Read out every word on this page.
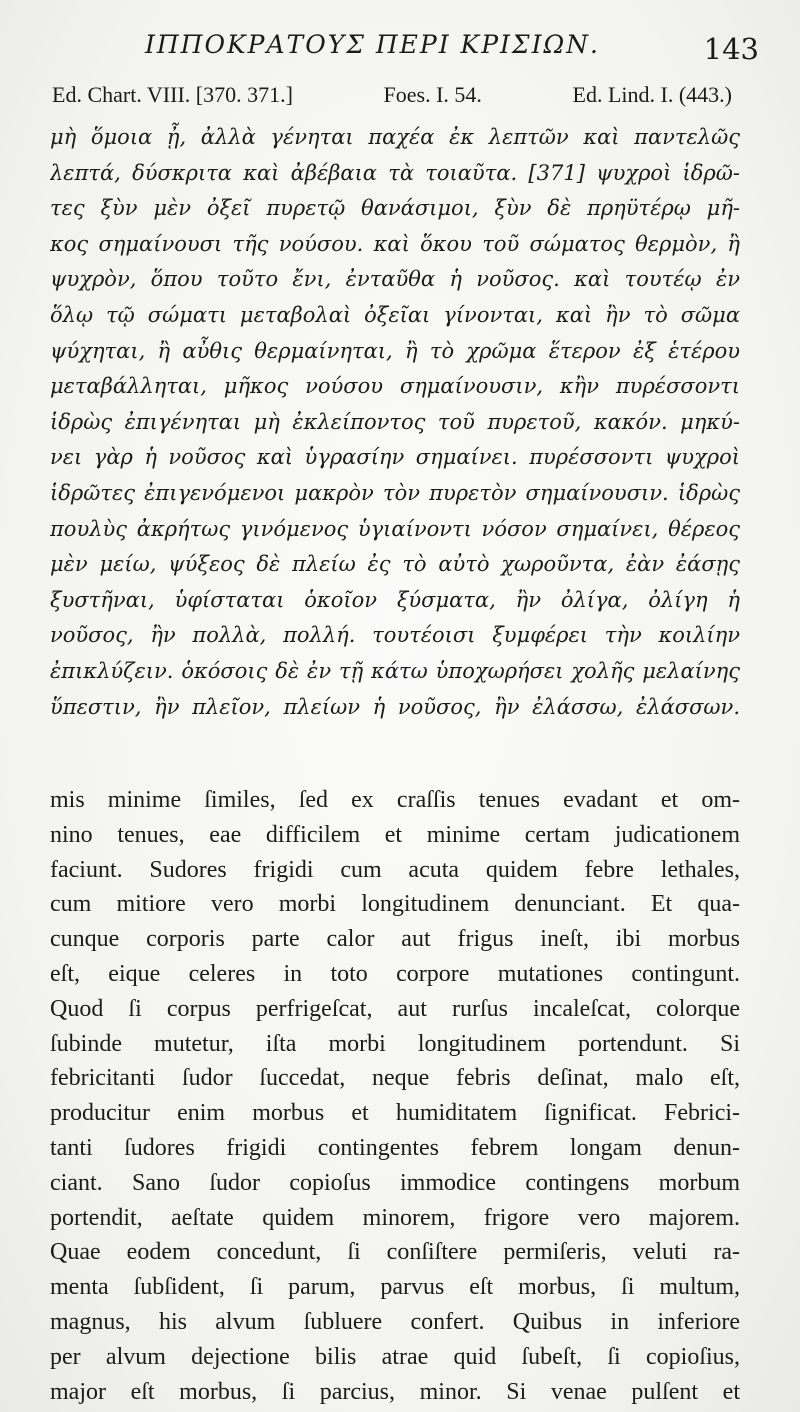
ΙΠΠΟΚΡΑΤΟΥΣ ΠΕΡΙ ΚΡΙΣΙΩΝ.	143
Ed. Chart. VIII. [370. 371.]	Foes. I. 54.	Ed. Lind. I. (443.)
μὴ ὅμοια ᾖ, ἀλλὰ γένηται παχέα ἐκ λεπτῶν καὶ παντελῶς
λεπτά, δύσκριτα καὶ ἀβέβαια τὰ τοιαῦτα. [371] ψυχροὶ ἱδρῶ-
τες ξὺν μὲν ὀξεῖ πυρετῷ θανάσιμοι, ξὺν δὲ πρηϋτέρῳ μῆ-
κος σημαίνουσι τῆς νούσου. καὶ ὅκου τοῦ σώματος θερμὸν, ἢ
ψυχρὸν, ὅπου τοῦτο ἔνι, ἐνταῦθα ἡ νοῦσος. καὶ τουτέῳ ἐν
ὅλῳ τῷ σώματι μεταβολαὶ ὀξεῖαι γίνονται, καὶ ἢν τὸ σῶμα
ψύχηται, ἢ αὖθις θερμαίνηται, ἢ τὸ χρῶμα ἕτερον ἐξ ἑτέρου
μεταβάλληται, μῆκος νούσου σημαίνουσιν, κἢν πυρέσσοντι
ἱδρὼς ἐπιγένηται μὴ ἐκλείποντος τοῦ πυρετοῦ, κακόν. μηκύ-
νει γὰρ ἡ νοῦσος καὶ ὑγρασίην σημαίνει. πυρέσσοντι ψυχροὶ
ἱδρῶτες ἐπιγενόμενοι μακρὸν τὸν πυρετὸν σημαίνουσιν. ἱδρὼς
πουλὺς ἀκρήτως γινόμενος ὑγιαίνοντι νόσον σημαίνει, θέρεος
μὲν μείω, ψύξεος δὲ πλείω ἐς τὸ αὐτὸ χωροῦντα, ἐὰν ἐάσῃς
ξυστῆναι, ὑφίσταται ὁκοῖον ξύσματα, ἢν ὀλίγα, ὀλίγη ἡ
νοῦσος, ἢν πολλὰ, πολλή. τουτέοισι ξυμφέρει τὴν κοιλίην
ἐπικλύζειν. ὁκόσοις δὲ ἐν τῇ κάτω ὑποχωρήσει χολῆς μελαίνης
ὕπεστιν, ἢν πλεῖον, πλείων ἡ νοῦσος, ἢν ἐλάσσω, ἐλάσσων.
mis minime ſimiles, ſed ex craſſis tenues evadant et om-
nino tenues, eae difficilem et minime certam judicationem
faciunt. Sudores frigidi cum acuta quidem febre lethales,
cum mitiore vero morbi longitudinem denunciant. Et qua-
cunque corporis parte calor aut frigus ineſt, ibi morbus
eſt, eique celeres in toto corpore mutationes contingunt.
Quod ſi corpus perfrigeſcat, aut rurſus incaleſcat, colorque
ſubinde mutetur, iſta morbi longitudinem portendunt. Si
febricitanti ſudor ſuccedat, neque febris deſinat, malo eſt,
producitur enim morbus et humiditatem ſignificat. Febrici-
tanti ſudores frigidi contingentes febrem longam denun-
ciant. Sano ſudor copioſus immodice contingens morbum
portendit, aeſtate quidem minorem, frigore vero majorem.
Quae eodem concedunt, ſi conſiſtere permiſeris, veluti ra-
menta ſubſident, ſi parum, parvus eſt morbus, ſi multum,
magnus, his alvum ſubluere confert. Quibus in inferiore
per alvum dejectione bilis atrae quid ſubeſt, ſi copioſius,
major eſt morbus, ſi parcius, minor. Si venae pulſent et
